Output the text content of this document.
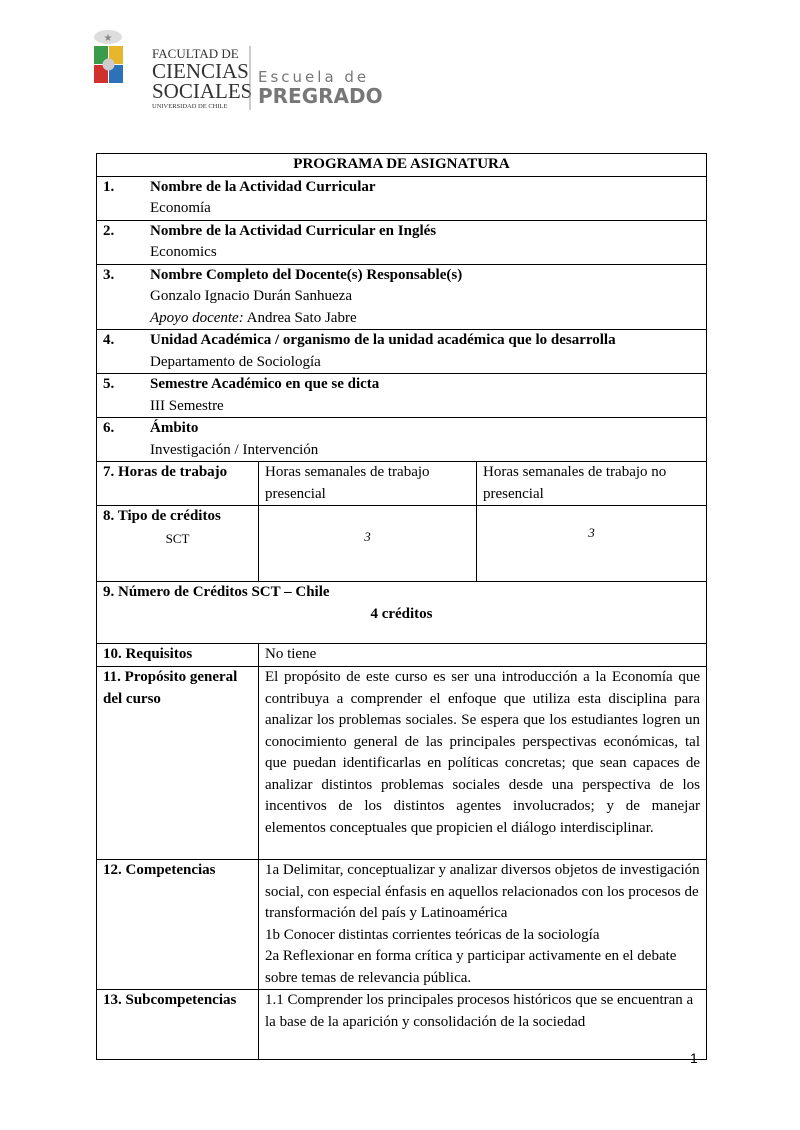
★
FACULTAD DE
CIENCIAS
SOCIALES
UNIVERSIDAD DE CHILE
Escuela de
PREGRADO
PROGRAMA DE ASIGNATURA		
1. Nombre de la Actividad Curricular
Economía		

2. Nombre de la Actividad Curricular en Inglés
Economics		

3. Nombre Completo del Docente(s) Responsable(s)
Gonzalo Ignacio Durán Sanhueza
Apoyo docente: Andrea Sato Jabre		

4. Unidad Académica / organismo de la unidad académica que lo desarrolla
Departamento de Sociología		

5. Semestre Académico en que se dicta
III Semestre		

6. Ámbito
Investigación / Intervención		

7. Horas de trabajo	Horas semanales de trabajo presencial	Horas semanales de trabajo no presencial

8. Tipo de créditos
SCT	3	3

9. Número de Créditos SCT – Chile
4 créditos		

10. Requisitos	No tiene	
11. Propósito general del curso	El propósito de este curso es ser una introducción a la Economía que contribuya a comprender el enfoque que utiliza esta disciplina para analizar los problemas sociales. Se espera que los estudiantes logren un conocimiento general de las principales perspectivas económicas, tal que puedan identificarlas en políticas concretas; que sean capaces de analizar distintos problemas sociales desde una perspectiva de los incentivos de los distintos agentes involucrados; y de manejar elementos conceptuales que propicien el diálogo interdisciplinar.	
12. Competencias	1a Delimitar, conceptualizar y analizar diversos objetos de investigación social, con especial énfasis en aquellos relacionados con los procesos de transformación del país y Latinoamérica
1b Conocer distintas corrientes teóricas de la sociología
2a Reflexionar en forma crítica y participar activamente en el debate sobre temas de relevancia pública.	

13. Subcompetencias	1.1 Comprender los principales procesos históricos que se encuentran a la base de la aparición y consolidación de la sociedad	
1
